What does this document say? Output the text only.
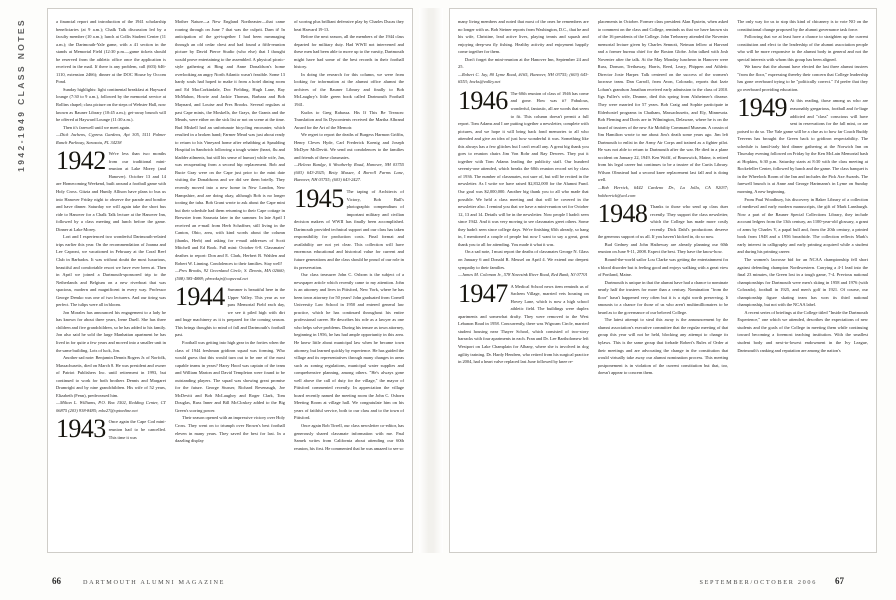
1942-1949 CLASS NOTES	a financial report and introduction of the 1941 scholarship beneficiaries (at 9 a.m.); Chalk Talk discussion led by a faculty member (10 a.m.); lunch at Collis Student Center (11 a.m.); the Dartmouth-Yale game, with a 41 section in the stands at Memorial Field (12:30 p.m.—game tickets should be reserved from the athletic office once the application is received in the mail. If there is any problem, call (603) 646-1110, extension 2466); dinner at the DOC House by Occom Pond.

Sunday highlights: light continental breakfast at Hayward lounge (7:30 to 9 a.m.), followed by the memorial service at Rollins chapel; class picture on the steps of Webster Hall, now known as Rauner Library (10:45 a.m.); get-away brunch will be offered at Hayward Lounge (11:30 a.m.).

Then it's farewell until we meet again.

—Dick Jachens, Cypress Gardens, Apt 305, 5111 Palmer Ranch Parkway, Sarasota, FL 34238

1942 We're less than two months from our traditional mini-reunion at Lake Morey (and Hanover). October 13 and 14 are Homecoming Weekend, built around a football game with Holy Cross. Gitzia and Huntly Allison have plans to bus us into Hanover Friday night to observe the parade and bonfire and have dinner. Saturday we will again take the short bus ride to Hanover for a Chalk Talk lecture at the Hanover Inn, followed by a class meeting and lunch before the game. Dinner at Lake Morey.

Lori and I experienced two wonderful Dartmouth-related trips earlier this year. On the recommendation of Joanna and Lee Caproni, we vacationed in February at the Coral Reef Club in Barbados. It was without doubt the most luxurious, beautiful and comfortable resort we have ever been at. Then in April we joined a Dartmouth-sponsored trip to the Netherlands and Belgium on a new riverboat that was spacious, modern and magnificent in every way. Professor George Demko was one of two lecturers. And our tiring was perfect. The tulips were all in bloom.

Jon Morales has announced his engagement to a lady he has known for about three years, Irene Duell. She has three children and five grandchildren, so he has added to his family. Jon also said he sold the large Manhattan apartment he has lived in for quite a few years and moved into a smaller unit in the same building. Lots of luck, Jon.

Another sad note: Benjamin Dennis Rogers Jr. of Norfolk, Massachusetts, died on March 8. He was president and owner of Patriot Publishers Inc. until retirement in 1993, but continued to work for both brothers Dennis and Margaret Drumright and by nine grandchildren. His wife of 52 years, Elizabeth (Fenn), predeceased him.

—Milton L. Williams, P.O. Box 1502, Redding Center, CT 06875 (203) 938-8485; mlw27@optonline.net

1943 Once again the Cape Cod mini-reunion had to be cancelled. This time it was

Mother Nature—a New England Northeaster—that came roaring through on June 7 that was the culprit. Darn it! In anticipation of the get-together I had been rummaging through an old cedar chest and had found a fifth-reunion picture by David Pierce Studio (who else) that I thought would prove entertaining to the assembled. A physical picnic-style gathering at Bing and Anne Donaldson's home overlooking an angry North Atlantic wasn't feasible. Some 13 hardy souls had hoped to make it from a hotel dining room and Ed MacCorkindale, Doc Fielding, Hugh Lane, Ray McMahon, Howie and Jackie Thomas, Barbara and Bob Maynard, and Louise and Pres Brooks. Several regulars at past Cape minis, the Moskells, the Grays, the Grants and the Meads, were either on the sick list or not on scene at the time. Bud Miskell had an unfortunate bicycling encounter, which resulted in a broken hand; Farmer Mead was just about ready to return to his Vineyard home after rehabbing at Spaulding Hospital in Sandwich following a tough winter (heart, flu and bladder ailments, but still his sense of humor) while wife, Jan, was recuperating from a second hip replacement. Bob and Bucie Gray were on the Cape just prior to the mini date visiting the Donaldsons and we did see them briefly. They recently moved into a new home in New London, New Hampshire, and are doing okay, although Bob is no longer tooting the tuba. Bob Grant wrote to ask about the Cape mini but their schedule had them returning to their Cape cottage in Brewster from Sarasota later in the summer. In late April I received an e-mail from Herb Schaffner, still living in the Canton, Ohio, area, with kind words about the column (thanks, Herb) and asking for e-mail addresses of Scott Mitchell and Ed Book. Fall mini: October 6-8. Classmates' deathes to report: Don and E. Clark, Herbert B. Wahlen and Robert W. Linning. Condolences to their families. Stay well!

—Pres Brooks, 92 Greenland Circle, S. Dennis, MA 02660; (508) 385-4888; pbrooksjr@capecod.net

1944 Summer is beautiful here in the Upper Valley. This year as we pass Memorial Field each day, we see it piled high with dirt and huge machinery as it is prepared for the coming season. This brings thoughts to mind of fall and Dartmouth's football past.

Football was getting into high gear in the forties when the class of 1944 freshman gridiron squad was forming. Who would guess that this would turn out to be one of the most capable teams in years? Harry Hood was captain of the team and William Marion and David Templeton were found to be outstanding players. The squad was showing great promise for the future. George Stusser, Richard Revenaugh, Joe McDevitt and Bob McLaughry and Roger Clark, Tom Douglas, Russ Inner and Bill McCloskey added to the Big Green's scoring power.

Their season opened with an impressive victory over Holy Cross. They went on to triumph over Brown's best football eleven in many years. They saved the best for last. In a dazzling display

of scoring plus brilliant defensive play by Charles Ducas they beat Harvard 19-13.

Before the next season, all the members of the 1944 class departed for military duty. Had WWII not intervened and these men had been able to move up to the varsity, Dartmouth might have had some of the best records in their football history.

In doing the research for this column, we were from looking for information at the alumni office alumni the archives of the Rauner Library and finally to Bob McLaughry's little green book called Dartmouth Football 1941.

Kudos to Greg Rabassa. His If This Be Treason: Translation and Its Dyscontents received the Martha Albrand Award for the Art of the Memoir.

We regret to report the deaths of Burgess Harmon Griffin, Henry Cleves Hyde, Carl Frederick Koenig and Joseph McDyer McDevitt. We send out condolences to the families and friends of these classmates.

—Helena Burdge, 6 Weatherby Road, Hanover, NH 03755 (603) 643-2925; Betty Musser, 4 Borrell Farms Lane, Hanover, NH 03755; (603) 643-2427.

1945 The taping of Architects of Victory, Bob Bull's photographic compendium of important military and civilian decision makers of WWII has finally been accomplished. Dartmouth provided technical support and our class has taken responsibility for production costs. Final format and availability are not yet clear. This collection will have enormous educational and historical value for current and future generations and the class should be proud of our role in its preservation.

Our class treasurer John C. Osborn is the subject of a newspaper article which recently came to my attention. John is an attorney and lives in Pittsford, New York, where he has been town attorney for 50 years! John graduated from Cornell University Law School in 1950 and entered general law practice, which he has continued throughout his entire professional career. He describes his role as a lawyer as one who helps solve problems. During his tenure as town attorney, beginning in 1956, he has had ample opportunity in this area. He knew little about municipal law when he became town attorney, but learned quickly by experience. He has guided the village and its representatives through many changes in areas such as zoning regulations, municipal water supplies and comprehensive planning, among others. "He's always gone well above the call of duty for the village," the mayor of Pittsford commented recently. In appreciation the village board recently named the meeting room the John C. Osborn Meeting Room at village hall. We congratulate him on his years of faithful service, both to our class and to the town of Pittsford.

Once again Bob Tirrell, our class newsletter co-editor, has generously shared classmate information with me. Paul Samek writes from California about attending our 60th reunion, his first. He commented that he was amazed to see so

many living members and noted that most of the ones he remembers are no longer with us. Bob Steiner reports from Washington, D.C., that he and his wife, Christine, lead active lives, playing tennis and squash and enjoying deep-sea fly fishing. Healthy activity and enjoyment happily come together for them.

Don't forget the mini-reunion at the Hanover Inn, September 24 and 25.

—Robert C. Jay, 80 Lyme Road, #165, Hanover, NH 03755; (603) 643-6553; bocks@valley.net

1946 The 60th reunion of class of 1946 has come and gone. How was it? Fabulous, wonderful, fantastic, all are words that seem to fit. This column doesn't permit a full report. Tom Adams and I are putting together a newsletter, complete with pictures, and we hope it will bring back fond memories to all who attended and give an idea of just how wonderful it was. Something like this always has a few glitches but I can't recall any. A great big thank you goes to reunion chairs Jim Von Rohr and Ray Dewees. They put it together with Tom Adams leading the publicity staff. Our hundred seventy-one attended, which breaks the 60th reunion record set by class of 1936. The number of classmates, not sure of, but will be recited in the newsletter. As I write we have raised $2,832,000 for the Alumni Fund. Our goal was $2,000,000. Another big thank you to all who made that possible. We held a class meeting and that will be covered in the newsletter also. I remind you that we have a mini-reunion set for October 12, 13 and 14. Details will be in the newsletter. Now people I hadn't seen since 1942. And it was very moving to see classmates greet others. Some they hadn't seen since college days. We're finishing 65th already, so hang in, I mentioned a couple of people but now I want to say a great, great thank you to all for attending. You made it what it was.

On a sad note, I must report the deaths of classmates George N. Glass on January 6 and Donald R. Meusel on April 4. We extend our deepest sympathy to their families.

—James M. Coleman Jr., 578 Navesink River Road, Red Bank, NJ 07701

1947 A Medical School news item reminds us of Sachem Village, married vets housing on Hovey Lane, which is now a high school athletic field. The buildings were duplex apartments and somewhat drafty. They were removed to the West Lebanon Road in 1958. Concurrently, there was Wigwam Circle, married student housing near Thayer School, which consisted of two-story barracks with four apartments in each. Fran and Dr. Lee Bartholomew left Westport on Lake Champlain for Albany, where she is involved in dog agility training. Dr. Hardy Hendren, who retired from his surgical practice in 2004, had a heart valve replaced last June followed by knee re-

placements in October. Former class president Alan Epstein, when asked to comment on the class and College, reminds us that we have known six of the 16 presidents of the College. John Trehearey attended the Noventer memorial lecture given by Charles Sennott, Neiman fellow at Harvard and a former bureau chief for the Boston Globe. John talked with Josh Noventer after the talk. At the May Monday luncheon in Hanover were Russ, Donson, Trethaway, Harris, Reed, Leary, Phippen and Athletic Director Josie Harper. Talk centered on the success of the women's lacrosse team. Dan Carroll, from Avon, Colorado, reports that Izzie Lohan's grandson Jonathan received early admission to the class of 2010. Jigs Fuller's wife, Deanne, died this spring from Alzheimer's disease. They were married for 57 years. Bob Craig and Sophie participate in Elderhostel programs in Chatham, Massachusetts, and Ely, Minnesota. Bob Fleming and Doris are in Wilmington, Delaware, where he is on the board of trustees of the new Air Mobility Command Museum. A cousin of Jim Hamilton wrote to me about Jim's death some years ago. Jim left Dartmouth to enlist in the Army Air Corps and trained as a fighter pilot. He was not able to return to Dartmouth after the war. He died in a plane accident on January 22, 1949. Ken Wolff, of Brunswick, Maine, is retired from his legal career but continues to be a trustee of the Curtis Library. Wilson Olmstead had a second knee replacement last fall and is doing well.

—Bob Herrick, 6442 Cardeno Dr., La Jolla, CA 92037; bobherrick@aol.com

1948 Thanks to those who send up class dues recently. They support the class newsletter, which the College has made more costly recently. Dick Dahl's productions deserve the generous support of us all. If you haven't kicked in, do so now.

Bud Gedney and John Hatheway are already planning our 60th reunion on June 9-11, 2008. Expect the best. They have the know-how.

Round-the-world sailor Lou Clarke was getting the entertainment for a blood disorder but is feeling good and enjoys walking with a great view of Portland, Maine.

Dartmouth is unique in that the alumni have had a chance to nominate nearly half the trustees for more than a century. Nomination "from the floor" hasn't happened very often but it is a right worth preserving. It amounts to a chance for those of us who aren't multimillionaires to be heard as to the governance of our beloved College.

The latest attempt to steal this away is the announcement by the alumni association's executive committee that the regular meeting of that group this year will not be held, blocking any attempt to change its bylaws. This is the same group that forbade Robert's Rules of Order at their meetings and are advocating the change in the constitution that would virtually take away our alumni nomination process. This meeting postponement is in violation of the current constitution but that, too, doesn't appear to concern them.

The only way for us to stop this kind of chicanery is to vote NO on the constitutional change proposed by the alumni governance task force.

Following that we at least have a chance to straighten up the current constitution and elect to the leadership of the alumni association people who will be more responsive to the alumni body in general and not the special interests with whom this group has been aligned.

We know that the alumni have elected the last three alumni trustees "from the floor," expressing thereby their concern that College leadership has gone overboard trying to be "politically correct." I'd prefer that they go overboard providing education.

1949 At this reading, those among us who are reasonably gregarious, football and fo-liage addicted and "class" conscious will have sent in reservations for the fall mini, or are poised to do so. The Yale game will be a clue as to how far Coach Buddy Teevens has brought the Green back to gridiron respectability. The schedule is famil-iarly bird dinner gathering at the Norwich Inn on Thursday evening followed on Friday by the Ken McLain Memorial bash at Hopkins, 6:30 p.m. Saturday starts at 8:30 with the class meeting at Rockefeller Center, followed by lunch and the game. The class banquet is in the Wheelock Room of the Inn and includes the Pick Axe Awards. The farewell brunch is at Anne and George Hartmann's in Lyme on Sunday morning. A new beginning.

From Paul Woodbury, his discovery in Baker Library of a collection of medieval and early modern manuscripts, the gift of Mark Lansburgh. Now a part of the Rauner Special Collections Library, they include account ledgers from the 13th century, an 1100-year-old glossary, a grant of arms by Charles V, a papal bull and, from the 20th century, a printed book from 1948 and a 1956 broadside. The collection reflects Mark's early interest in calligraphy and early printing acquired while a student and during his printing career.

The women's lacrosse bid for an NCAA championship fell short against defending champion Northwestern. Carrying a 4-1 lead into the final 23 minutes, the Green lost in a tough game, 7-4. Previous national championships for Dartmouth were men's skiing in 1958 and 1976 (with Colorado), football in 1925, and men's golf in 1921. Of course, our championship figure skating team has won its third national championship, but not with the NCAA label.

A recent series of briefings at the College titled "Inside the Dartmouth Experience," one which we attended, describes the expectations of new students and the goals of the College in meeting them while continuing toward becoming a foremost teaching institution. With the smallest student body and next-to-lowest endowment in the Ivy League, Dartmouth's ranking and reputation are among the nation's

66	DARTMOUTH ALUMNI MAGAZINE	SEPTEMBER/OCTOBER 2006 67
